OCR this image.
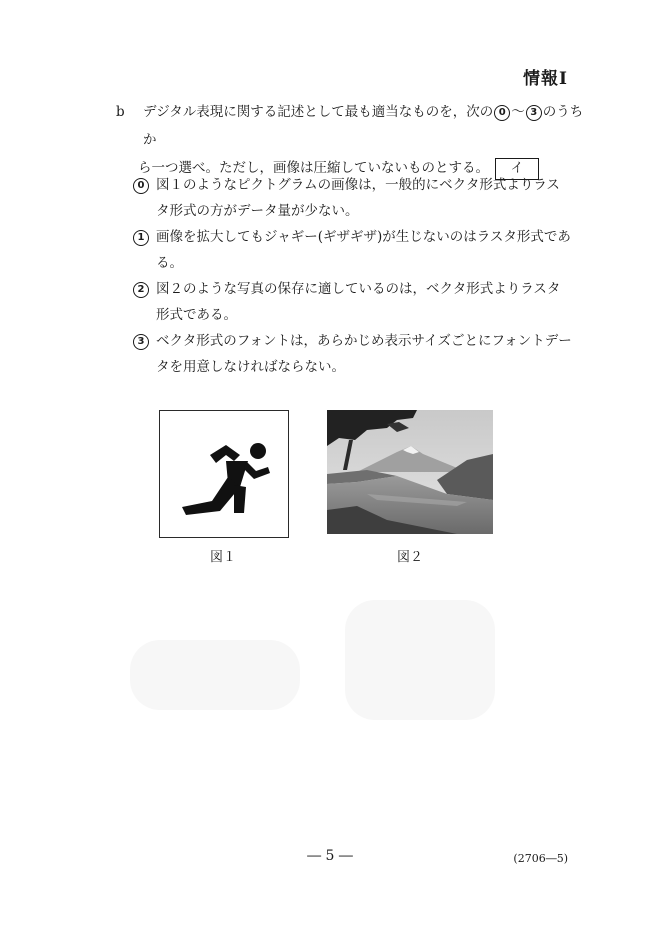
情報Ⅰ
b デジタル表現に関する記述として最も適当なものを，次の 0 ～ 3 のうちか
ら一つ選べ。ただし，画像は圧縮していないものとする。 イ
0 図１のようなピクトグラムの画像は，一般的にベクタ形式よりラスタ形式の方がデータ量が少ない。
1 画像を拡大してもジャギー(ギザギザ)が生じないのはラスタ形式である。
2 図２のような写真の保存に適しているのは，ベクタ形式よりラスタ形式である。
3 ベクタ形式のフォントは，あらかじめ表示サイズごとにフォントデータを用意しなければならない。
図１	図２
― 5 ―	(2706―5)
